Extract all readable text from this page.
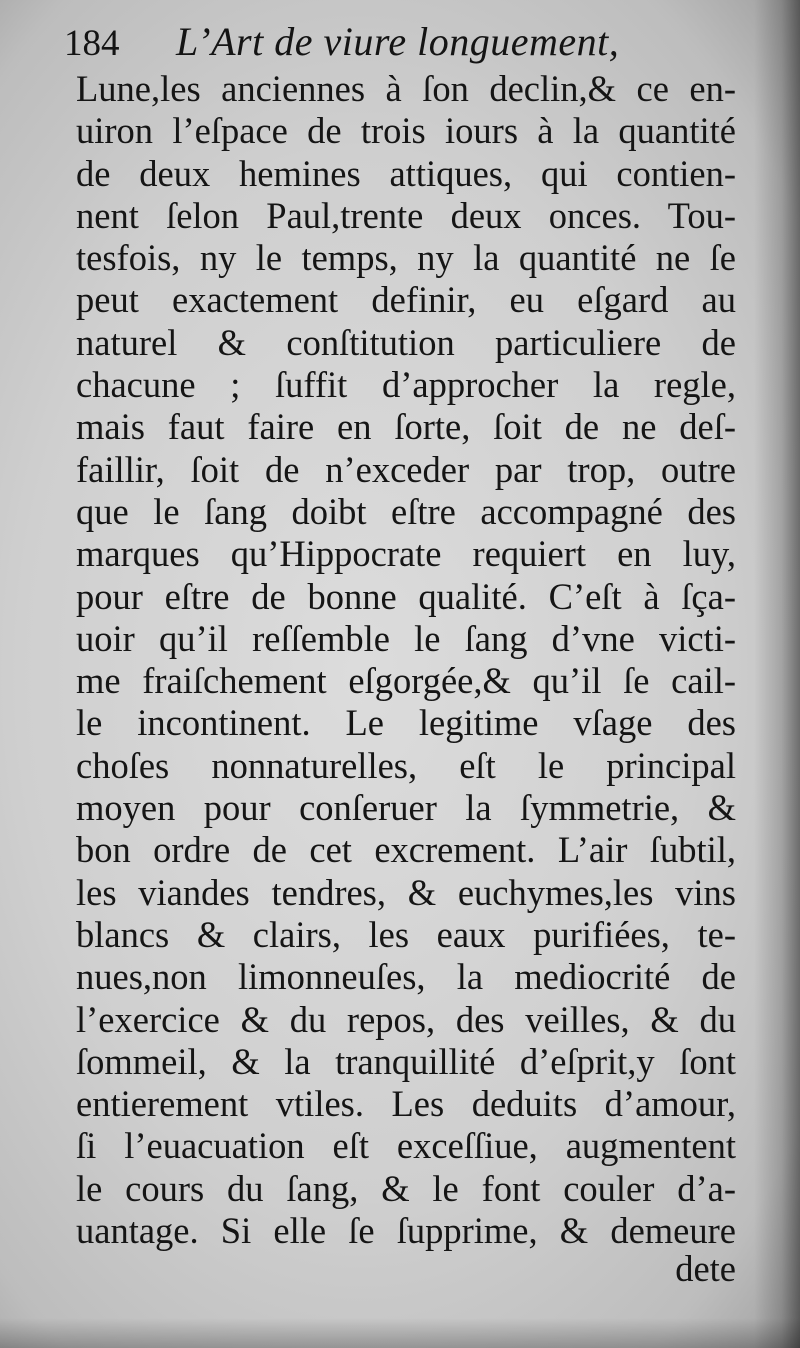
184 L’Art de viure longuement,
Lune,les anciennes à ſon declin,& ce en-
uiron l’eſpace de trois iours à la quantité
de deux hemines attiques, qui contien-
nent ſelon Paul,trente deux onces. Tou-
tesfois, ny le temps, ny la quantité ne ſe
peut exactement definir, eu eſgard au
naturel & conſtitution particuliere de
chacune ; ſuffit d’approcher la regle,
mais faut faire en ſorte, ſoit de ne deſ-
faillir, ſoit de n’exceder par trop, outre
que le ſang doibt eſtre accompagné des
marques qu’Hippocrate requiert en luy,
pour eſtre de bonne qualité. C’eſt à ſça-
uoir qu’il reſſemble le ſang d’vne victi-
me fraiſchement eſgorgée,& qu’il ſe cail-
le incontinent. Le legitime vſage des
choſes nonnaturelles, eſt le principal
moyen pour conſeruer la ſymmetrie, &
bon ordre de cet excrement. L’air ſubtil,
les viandes tendres, & euchymes,les vins
blancs & clairs, les eaux purifiées, te-
nues,non limonneuſes, la mediocrité de
l’exercice & du repos, des veilles, & du
ſommeil, & la tranquillité d’eſprit,y ſont
entierement vtiles. Les deduits d’amour,
ſi l’euacuation eſt exceſſiue, augmentent
le cours du ſang, & le font couler d’a-
uantage. Si elle ſe ſupprime, & demeure
dete
